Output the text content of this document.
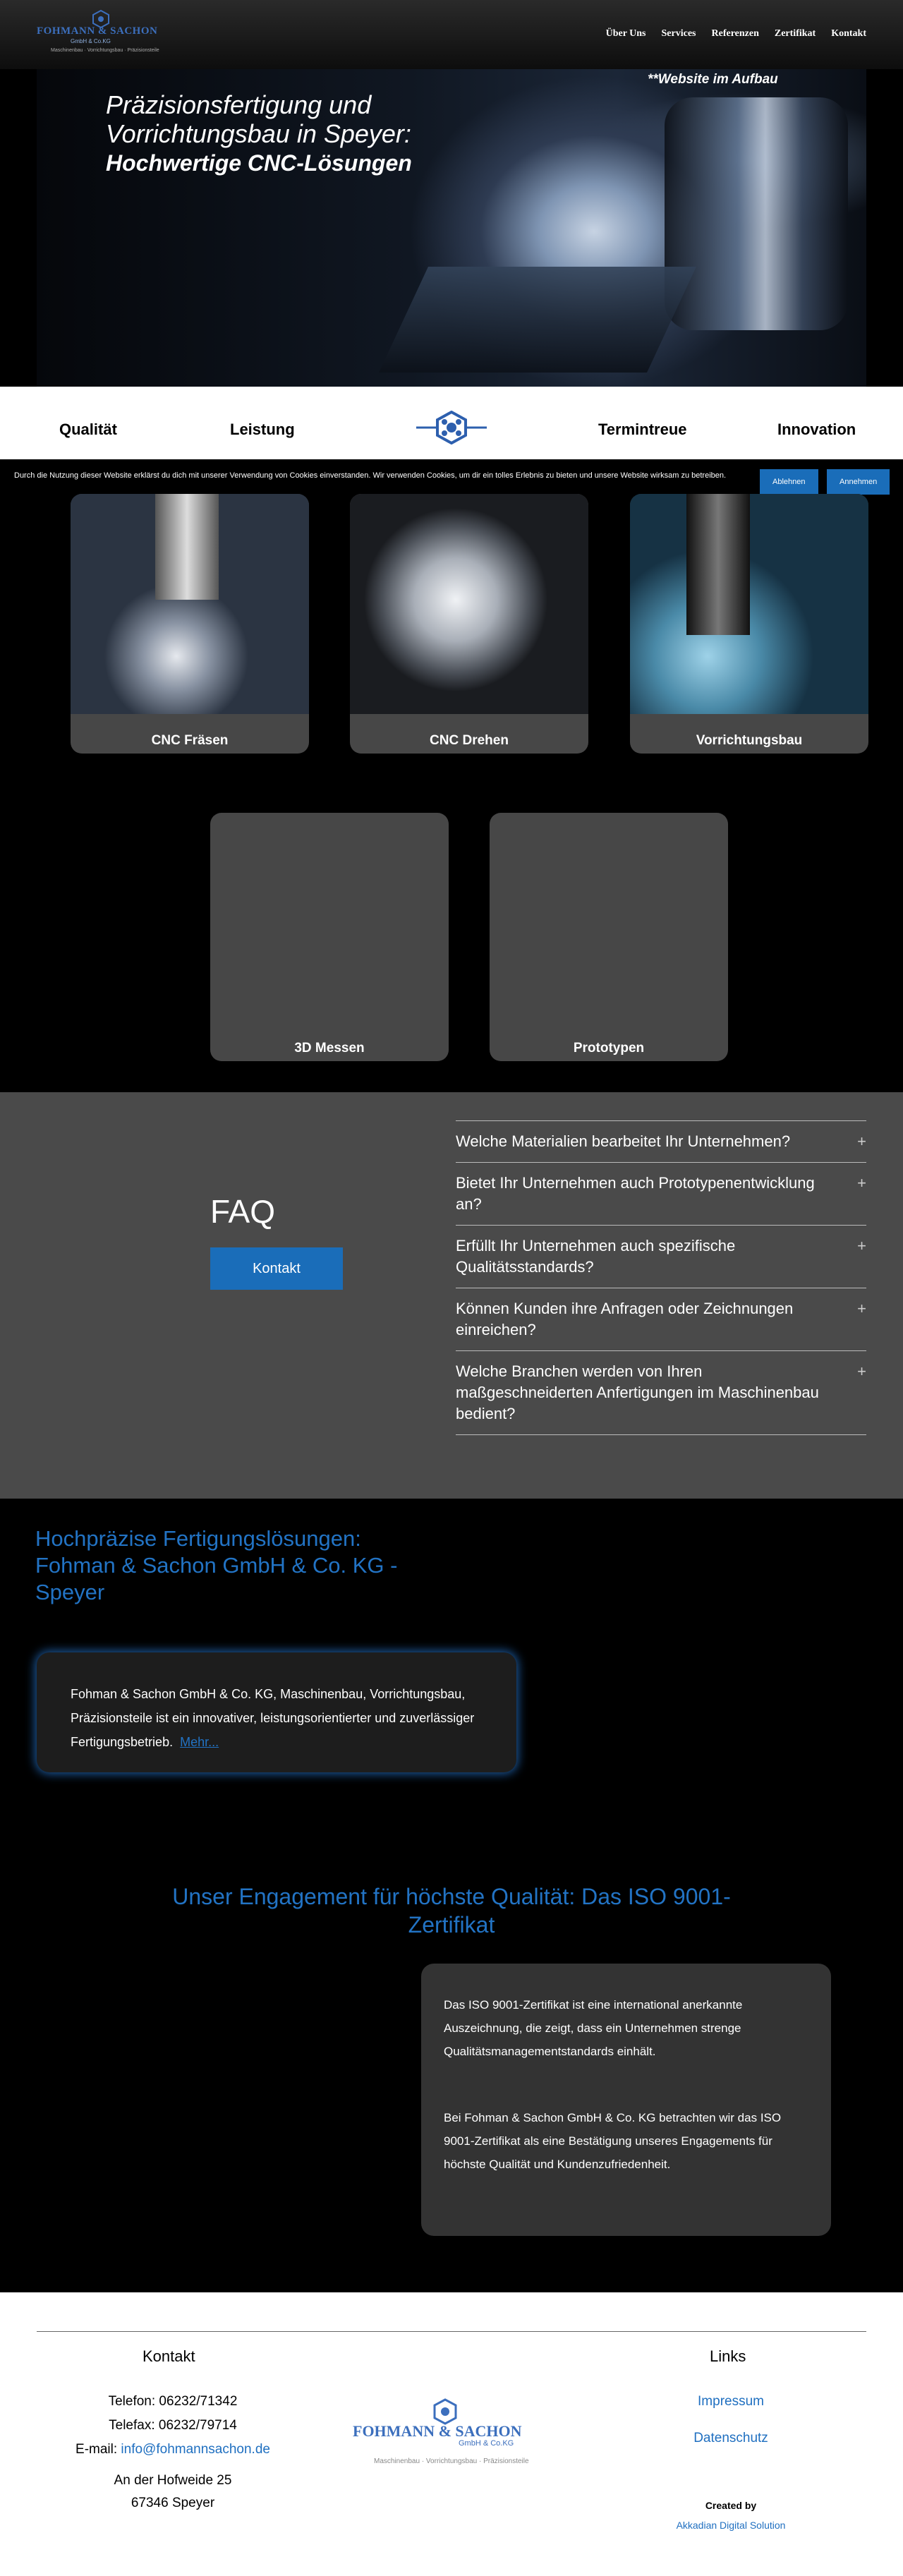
FOHMANN & SACHON
GmbH & Co.KG
Maschinenbau · Vorrichtungsbau · Präzisionsteile
Über Uns Services Referenzen Zertifikat Kontakt
**Website im Aufbau
Präzisionsfertigung und
Vorrichtungsbau in Speyer:
Hochwertige CNC-Lösungen
Qualität	Leistung	Termintreue	Innovation

Durch die Nutzung dieser Website erklärst du dich mit unserer Verwendung von Cookies einverstanden. Wir verwenden Cookies, um dir ein tolles Erlebnis zu bieten und unsere Website wirksam zu betreiben.

Ablehnen	Annehmen
CNC Fräsen	CNC Drehen	Vorrichtungsbau
3D Messen	Prototypen
FAQ
Kontakt
Welche Materialien bearbeitet Ihr Unternehmen?	+
Bietet Ihr Unternehmen auch Prototypenentwicklung an?
+
Erfüllt Ihr Unternehmen auch spezifische Qualitätsstandards?
+
Können Kunden ihre Anfragen oder Zeichnungen einreichen?
+
Welche Branchen werden von Ihren maßgeschneiderten Anfertigungen im Maschinenbau bedient?
+
Hochpräzise Fertigungslösungen: Fohman & Sachon GmbH & Co. KG - Speyer

Fohman & Sachon GmbH & Co. KG, Maschinenbau, Vorrichtungsbau, Präzisionsteile ist ein innovativer, leistungsorientierter und zuverlässiger Fertigungsbetrieb. Mehr...

Unser Engagement für höchste Qualität: Das ISO 9001-Zertifikat

Das ISO 9001-Zertifikat ist eine international anerkannte Auszeichnung, die zeigt, dass ein Unternehmen strenge Qualitätsmanagementstandards einhält.

Bei Fohman & Sachon GmbH & Co. KG betrachten wir das ISO 9001-Zertifikat als eine Bestätigung unseres Engagements für höchste Qualität und Kundenzufriedenheit.

Kontakt
Telefon: 06232/71342
Telefax: 06232/79714
E-mail: info@fohmannsachon.de
An der Hofweide 25
67346 Speyer
FOHMANN & SACHON
GmbH & Co.KG
Maschinenbau · Vorrichtungsbau · Präzisionsteile
Links
Impressum
Datenschutz
Created by
Akkadian Digital Solution
